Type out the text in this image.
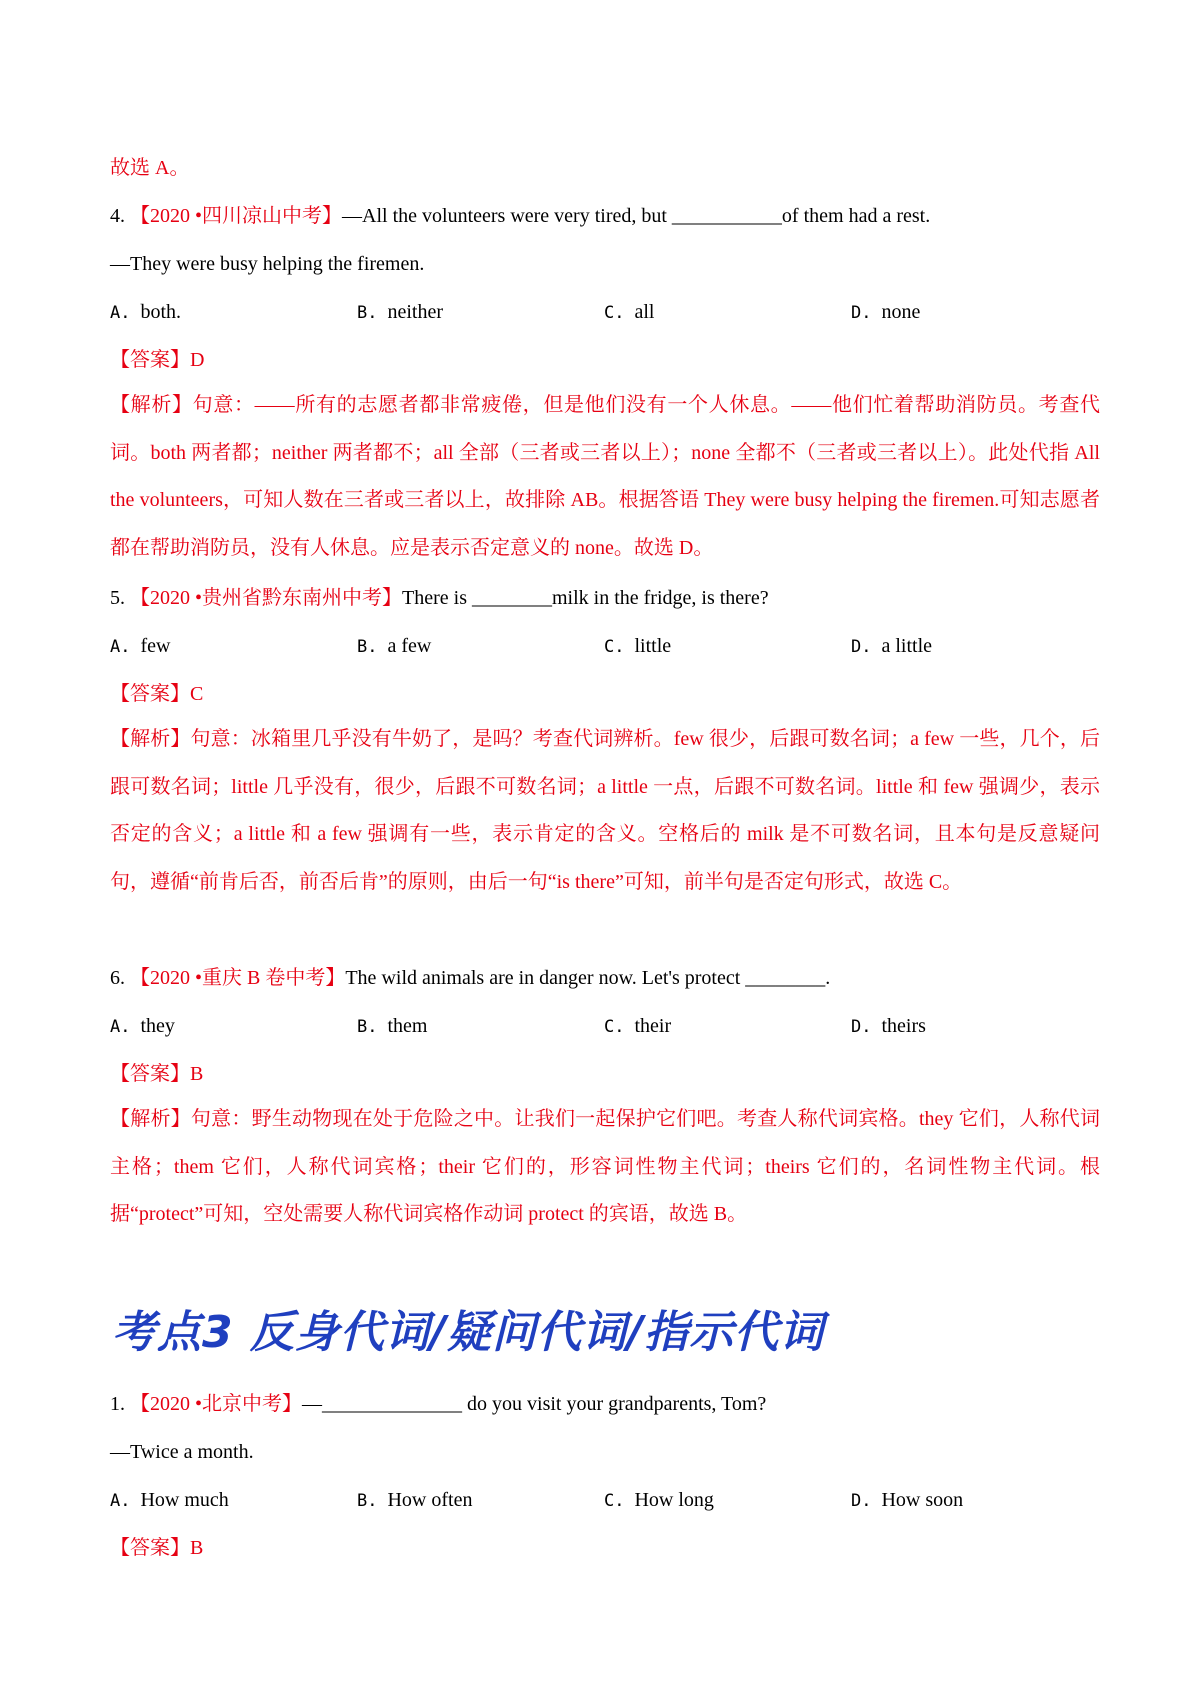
故选 A。
4. 【2020 •四川凉山中考】—All the volunteers were very tired, but ___________of them had a rest.
—They were busy helping the firemen.
A. both.	B. neither	C. all	D. none
【答案】D
【解析】句意：——所有的志愿者都非常疲倦，但是他们没有一个人休息。——他们忙着帮助消防员。考查代词。both 两者都；neither 两者都不；all 全部（三者或三者以上）；none 全都不（三者或三者以上）。此处代指 All the volunteers，可知人数在三者或三者以上，故排除 AB。根据答语 They were busy helping the firemen.可知志愿者都在帮助消防员，没有人休息。应是表示否定意义的 none。故选 D。
5. 【2020 •贵州省黔东南州中考】There is ________milk in the fridge, is there?
A. few	B. a few	C. little	D. a little
【答案】C
【解析】句意：冰箱里几乎没有牛奶了，是吗？考查代词辨析。few 很少，后跟可数名词；a few 一些，几个，后跟可数名词；little 几乎没有，很少，后跟不可数名词；a little 一点，后跟不可数名词。little 和 few 强调少，表示否定的含义；a little 和 a few 强调有一些，表示肯定的含义。空格后的 milk 是不可数名词，且本句是反意疑问句，遵循“前肯后否，前否后肯”的原则，由后一句“is there”可知，前半句是否定句形式，故选 C。
6. 【2020 •重庆 B 卷中考】The wild animals are in danger now. Let's protect ________.
A. they	B. them	C. their	D. theirs
【答案】B
【解析】句意：野生动物现在处于危险之中。让我们一起保护它们吧。考查人称代词宾格。they 它们，人称代词主格；them 它们，人称代词宾格；their 它们的，形容词性物主代词；theirs 它们的，名词性物主代词。根据“protect”可知，空处需要人称代词宾格作动词 protect 的宾语，故选 B。
考点3 反身代词/疑问代词/指示代词
1. 【2020 •北京中考】—______________ do you visit your grandparents, Tom?
—Twice a month.
A. How much	B. How often	C. How long	D. How soon
【答案】B
